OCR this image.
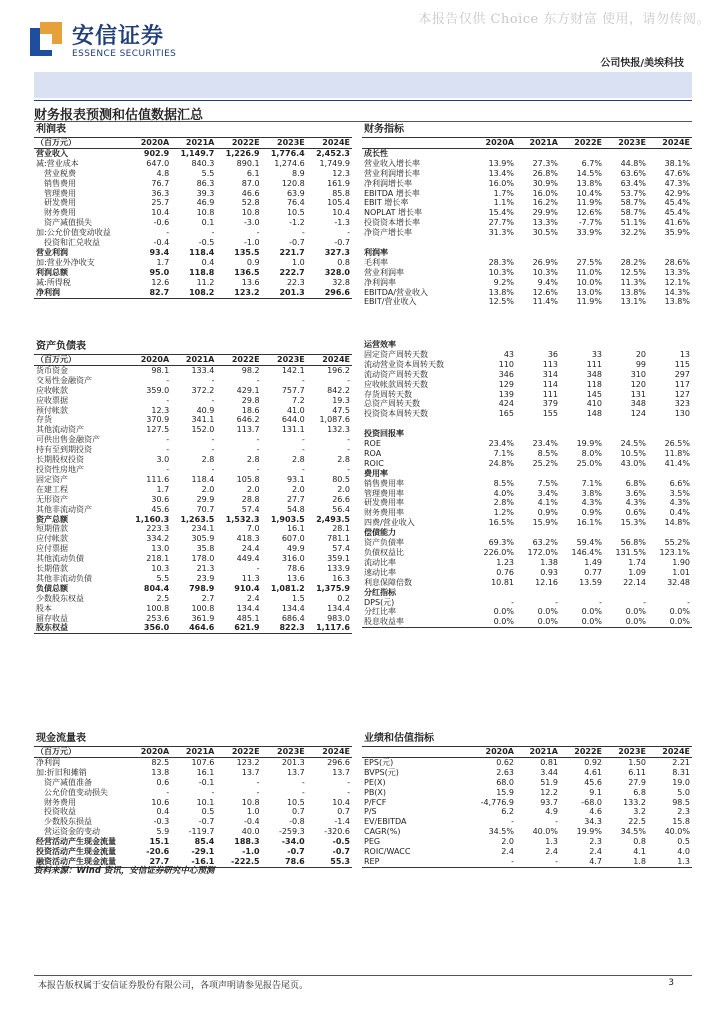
本报告仅供 Choice 东方财富 使用，请勿传阅。
安信证券
ESSENCE SECURITIES
公司快报/美埃科技
财务报表预测和估值数据汇总
利润表					
（百万元）	2020A	2021A	2022E	2023E	2024E
营业收入	902.9	1,149.7	1,226.9	1,776.4	2,452.3
减:营业成本	647.0	840.3	890.1	1,274.6	1,749.9
　营业税费	4.8	5.5	6.1	8.9	12.3
　销售费用	76.7	86.3	87.0	120.8	161.9
　管理费用	36.3	39.3	46.6	63.9	85.8
　研发费用	25.7	46.9	52.8	76.4	105.4
　财务费用	10.4	10.8	10.8	10.5	10.4
　资产减值损失	-0.6	0.1	-3.0	-1.2	-1.3
加:公允价值变动收益	-	-	-	-	-
　投资和汇兑收益	-0.4	-0.5	-1.0	-0.7	-0.7
营业利润	93.4	118.4	135.5	221.7	327.3
加:营业外净收支	1.7	0.4	0.9	1.0	0.8
利润总额	95.0	118.8	136.5	222.7	328.0
减:所得税	12.6	11.2	13.6	22.3	32.8
净利润	82.7	108.2	123.2	201.3	296.6
财务指标					
	2020A	2021A	2022E	2023E	2024E
成长性					
营业收入增长率	13.9%	27.3%	6.7%	44.8%	38.1%
营业利润增长率	13.4%	26.8%	14.5%	63.6%	47.6%
净利润增长率	16.0%	30.9%	13.8%	63.4%	47.3%
EBITDA 增长率	1.7%	16.0%	10.4%	53.7%	42.9%
EBIT 增长率	1.1%	16.2%	11.9%	58.7%	45.4%
NOPLAT 增长率	15.4%	29.9%	12.6%	58.7%	45.4%
投资资本增长率	27.7%	13.3%	-7.7%	51.1%	41.6%
净资产增长率	31.3%	30.5%	33.9%	32.2%	35.9%

利润率					
毛利率	28.3%	26.9%	27.5%	28.2%	28.6%
营业利润率	10.3%	10.3%	11.0%	12.5%	13.3%
净利润率	9.2%	9.4%	10.0%	11.3%	12.1%
EBITDA/营业收入	13.8%	12.6%	13.0%	13.8%	14.3%
EBIT/营业收入	12.5%	11.4%	11.9%	13.1%	13.8%
资产负债表					
（百万元）	2020A	2021A	2022E	2023E	2024E
货币资金	98.1	133.4	98.2	142.1	196.2
交易性金融资产	-	-	-	-	-
应收帐款	359.0	372.2	429.1	757.7	842.2
应收票据	-	-	29.8	7.2	19.3
预付帐款	12.3	40.9	18.6	41.0	47.5
存货	370.9	341.1	646.2	644.0	1,087.6
其他流动资产	127.5	152.0	113.7	131.1	132.3
可供出售金融资产	-	-	-	-	-
持有至到期投资	-	-	-	-	-
长期股权投资	3.0	2.8	2.8	2.8	2.8
投资性房地产	-	-	-	-	-
固定资产	111.6	118.4	105.8	93.1	80.5
在建工程	1.7	2.0	2.0	2.0	2.0
无形资产	30.6	29.9	28.8	27.7	26.6
其他非流动资产	45.6	70.7	57.4	54.8	56.4
资产总额	1,160.3	1,263.5	1,532.3	1,903.5	2,493.5
短期借款	223.3	234.1	7.0	16.1	28.1
应付帐款	334.2	305.9	418.3	607.0	781.1
应付票据	13.0	35.8	24.4	49.9	57.4
其他流动负债	218.1	178.0	449.4	316.0	359.1
长期借款	10.3	21.3	-	78.6	133.9
其他非流动负债	5.5	23.9	11.3	13.6	16.3
负债总额	804.4	798.9	910.4	1,081.2	1,375.9
少数股东权益	2.5	2.7	2.4	1.5	0.2
股本	100.8	100.8	134.4	134.4	134.4
留存收益	253.6	361.9	485.1	686.4	983.0
股东权益	356.0	464.6	621.9	822.3	1,117.6
运营效率					
固定资产周转天数	43	36	33	20	13
流动营业资本周转天数	110	113	111	99	115
流动资产周转天数	346	314	348	310	297
应收帐款周转天数	129	114	118	120	117
存货周转天数	139	111	145	131	127
总资产周转天数	424	379	410	348	323
投资资本周转天数	165	155	148	124	130

投资回报率					
ROE	23.4%	23.4%	19.9%	24.5%	26.5%
ROA	7.1%	8.5%	8.0%	10.5%	11.8%
ROIC	24.8%	25.2%	25.0%	43.0%	41.4%
费用率					
销售费用率	8.5%	7.5%	7.1%	6.8%	6.6%
管理费用率	4.0%	3.4%	3.8%	3.6%	3.5%
研发费用率	2.8%	4.1%	4.3%	4.3%	4.3%
财务费用率	1.2%	0.9%	0.9%	0.6%	0.4%
四费/营业收入	16.5%	15.9%	16.1%	15.3%	14.8%
偿债能力					
资产负债率	69.3%	63.2%	59.4%	56.8%	55.2%
负债权益比	226.0%	172.0%	146.4%	131.5%	123.1%
流动比率	1.23	1.38	1.49	1.74	1.90
速动比率	0.76	0.93	0.77	1.09	1.01
利息保障倍数	10.81	12.16	13.59	22.14	32.48
分红指标					
DPS(元)	-	-	-	-	-
分红比率	0.0%	0.0%	0.0%	0.0%	0.0%
股息收益率	0.0%	0.0%	0.0%	0.0%	0.0%
现金流量表					
（百万元）	2020A	2021A	2022E	2023E	2024E
净利润	82.5	107.6	123.2	201.3	296.6
加:折旧和摊销	13.8	16.1	13.7	13.7	13.7
　资产减值准备	0.6	-0.1	-	-	-
　公允价值变动损失	-	-	-	-	-
　财务费用	10.6	10.1	10.8	10.5	10.4
　投资收益	0.4	0.5	1.0	0.7	0.7
　少数股东损益	-0.3	-0.7	-0.4	-0.8	-1.4
　营运资金的变动	5.9	-119.7	40.0	-259.3	-320.6
经营活动产生现金流量	15.1	85.4	188.3	-34.0	-0.5
投资活动产生现金流量	-20.6	-29.1	-1.0	-0.7	-0.7
融资活动产生现金流量	27.7	-16.1	-222.5	78.6	55.3
业绩和估值指标					
	2020A	2021A	2022E	2023E	2024E
EPS(元)	0.62	0.81	0.92	1.50	2.21
BVPS(元)	2.63	3.44	4.61	6.11	8.31
PE(X)	68.0	51.9	45.6	27.9	19.0
PB(X)	15.9	12.2	9.1	6.8	5.0
P/FCF	-4,776.9	93.7	-68.0	133.2	98.5
P/S	6.2	4.9	4.6	3.2	2.3
EV/EBITDA	-	-	34.3	22.5	15.8
CAGR(%)	34.5%	40.0%	19.9%	34.5%	40.0%
PEG	2.0	1.3	2.3	0.8	0.5
ROIC/WACC	2.4	2.4	2.4	4.1	4.0
REP	-	-	4.7	1.8	1.3
资料来源：Wind 资讯，安信证券研究中心预测
本报告版权属于安信证券股份有限公司，各项声明请参见报告尾页。	3
